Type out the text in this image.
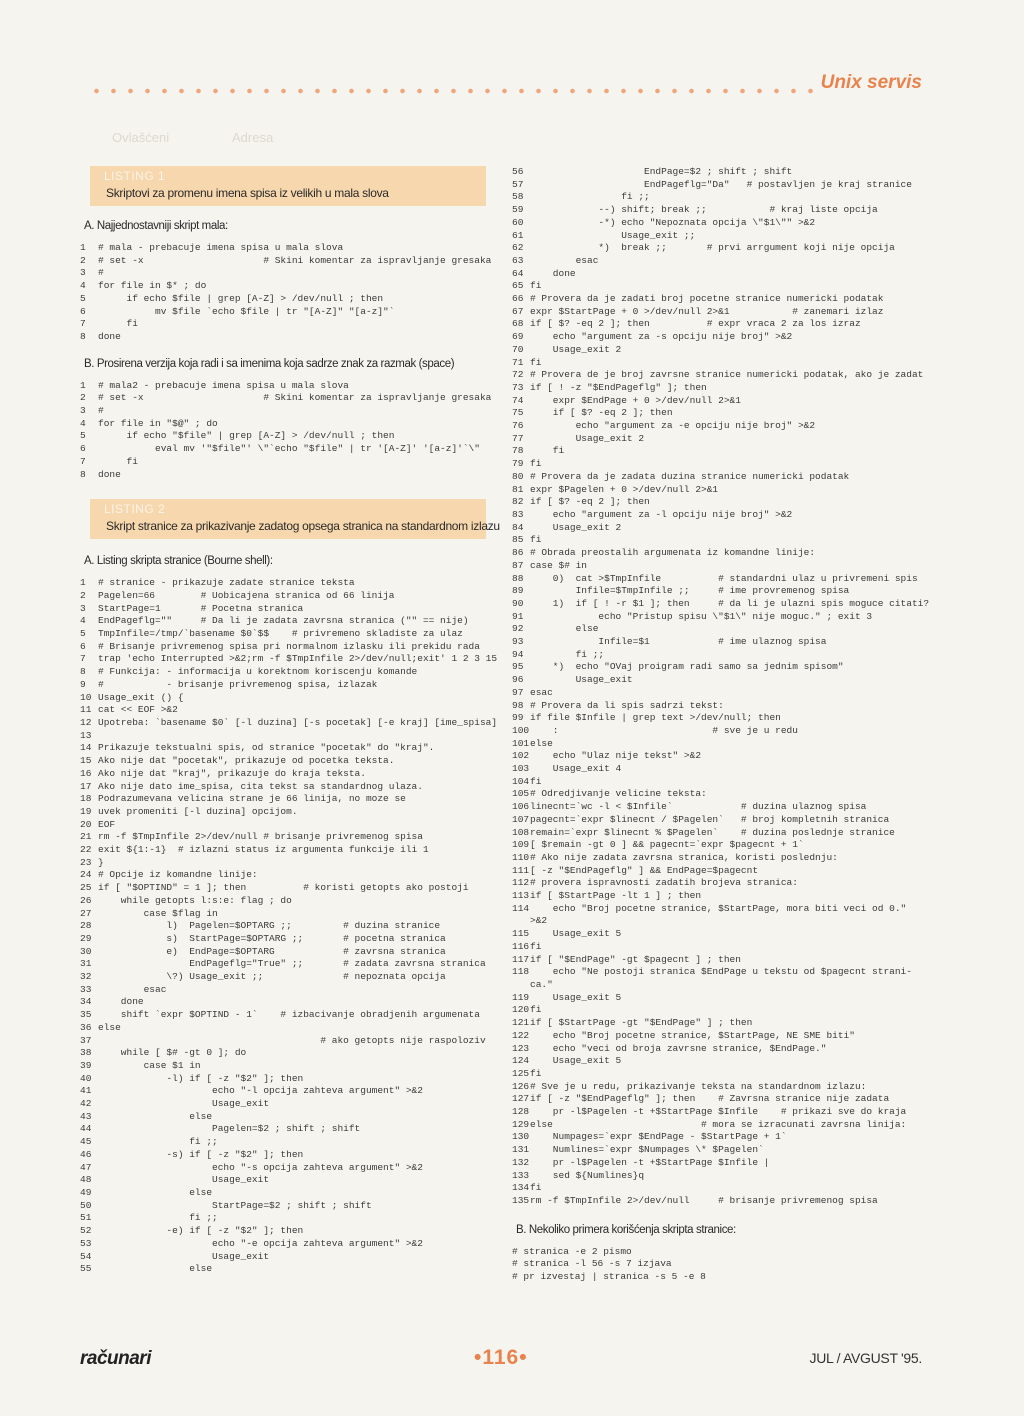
Unix servis
Ovlašćeni	Adresa
LISTING 1
Skriptovi za promenu imena spisa iz velikih u mala slova
A. Najjednostavniji skript mala:
1 # mala - prebacuje imena spisa u mala slova
2 # set -x                     # Skini komentar za ispravljanje gresaka
3 #
4 for file in $* ; do
5     if echo $file | grep [A-Z] > /dev/null ; then
6          mv $file `echo $file | tr "[A-Z]" "[a-z]"`
7     fi
8 done
B. Prosirena verzija koja radi i sa imenima koja sadrze znak za razmak (space)
1 # mala2 - prebacuje imena spisa u mala slova
2 # set -x                     # Skini komentar za ispravljanje gresaka
3 #
4 for file in "$@" ; do
5     if echo "$file" | grep [A-Z] > /dev/null ; then
6          eval mv '"$file"' \"`echo "$file" | tr '[A-Z]' '[a-z]'`\"
7     fi
8 done
LISTING 2
Skript stranice za prikazivanje zadatog opsega stranica na standardnom izlazu
A. Listing skripta stranice (Bourne shell):
1 # stranice - prikazuje zadate stranice teksta
2 Pagelen=66        # Uobicajena stranica od 66 linija
3 StartPage=1       # Pocetna stranica
4 EndPageflg=""     # Da li je zadata zavrsna stranica ("" == nije)
5 TmpInfile=/tmp/`basename $0`$$    # privremeno skladiste za ulaz
6 # Brisanje privremenog spisa pri normalnom izlasku ili prekidu rada
7 trap 'echo Interrupted >&2;rm -f $TmpInfile 2>/dev/null;exit' 1 2 3 15
8 # Funkcija: - informacija u korektnom koriscenju komande
9 #           - brisanje privremenog spisa, izlazak
10 Usage_exit () {
11 cat << EOF >&2
12 Upotreba: `basename $0` [-l duzina] [-s pocetak] [-e kraj] [ime_spisa]
13
14 Prikazuje tekstualni spis, od stranice "pocetak" do "kraj".
15 Ako nije dat "pocetak", prikazuje od pocetka teksta.
16 Ako nije dat "kraj", prikazuje do kraja teksta.
17 Ako nije dato ime_spisa, cita tekst sa standardnog ulaza.
18 Podrazumevana velicina strane je 66 linija, no moze se
19 uvek promeniti [-l duzina] opcijom.
20 EOF
21 rm -f $TmpInfile 2>/dev/null # brisanje privremenog spisa
22 exit ${1:-1}  # izlazni status iz argumenta funkcije ili 1
23 }
24 # Opcije iz komandne linije:
25 if [ "$OPTIND" = 1 ]; then          # koristi getopts ako postoji
26    while getopts l:s:e: flag ; do
27        case $flag in
28            l)  Pagelen=$OPTARG ;;         # duzina stranice
29            s)  StartPage=$OPTARG ;;       # pocetna stranica
30            e)  EndPage=$OPTARG            # zavrsna stranica
31                EndPageflg="True" ;;       # zadata zavrsna stranica
32            \?) Usage_exit ;;              # nepoznata opcija
33        esac
34    done
35    shift `expr $OPTIND - 1`    # izbacivanje obradjenih argumenata
36 else
37                                       # ako getopts nije raspoloziv
38    while [ $# -gt 0 ]; do
39        case $1 in
40            -l) if [ -z "$2" ]; then
41                    echo "-l opcija zahteva argument" >&2
42                    Usage_exit
43                else
44                    Pagelen=$2 ; shift ; shift
45                fi ;;
46            -s) if [ -z "$2" ]; then
47                    echo "-s opcija zahteva argument" >&2
48                    Usage_exit
49                else
50                    StartPage=$2 ; shift ; shift
51                fi ;;
52            -e) if [ -z "$2" ]; then
53                    echo "-e opcija zahteva argument" >&2
54                    Usage_exit
55                else
56                    EndPage=$2 ; shift ; shift
57                    EndPageflg="Da"   # postavljen je kraj stranice
58                fi ;;
59            --) shift; break ;;           # kraj liste opcija
60            -*) echo "Nepoznata opcija \"$1\"" >&2
61                Usage_exit ;;
62            *)  break ;;       # prvi arrgument koji nije opcija
63        esac
64    done
65 fi
66 # Provera da je zadati broj pocetne stranice numericki podatak
67 expr $StartPage + 0 >/dev/null 2>&1           # zanemari izlaz
68 if [ $? -eq 2 ]; then          # expr vraca 2 za los izraz
69    echo "argument za -s opciju nije broj" >&2
70    Usage_exit 2
71 fi
72 # Provera de je broj zavrsne stranice numericki podatak, ako je zadat
73 if [ ! -z "$EndPageflg" ]; then
74    expr $EndPage + 0 >/dev/null 2>&1
75    if [ $? -eq 2 ]; then
76        echo "argument za -e opciju nije broj" >&2
77        Usage_exit 2
78    fi
79 fi
80 # Provera da je zadata duzina stranice numericki podatak
81 expr $Pagelen + 0 >/dev/null 2>&1
82 if [ $? -eq 2 ]; then
83    echo "argument za -l opciju nije broj" >&2
84    Usage_exit 2
85 fi
86 # Obrada preostalih argumenata iz komandne linije:
87 case $# in
88    0)  cat >$TmpInfile          # standardni ulaz u privremeni spis
89        Infile=$TmpInfile ;;     # ime provremenog spisa
90    1)  if [ ! -r $1 ]; then     # da li je ulazni spis moguce citati?
91            echo "Pristup spisu \"$1\" nije moguc." ; exit 3
92        else
93            Infile=$1            # ime ulaznog spisa
94        fi ;;
95    *)  echo "OVaj proigram radi samo sa jednim spisom"
96        Usage_exit
97 esac
98 # Provera da li spis sadrzi tekst:
99 if file $Infile | grep text >/dev/null; then
100    :                           # sve je u redu
101else
102    echo "Ulaz nije tekst" >&2
103    Usage_exit 4
104fi
105# Odredjivanje velicine teksta:
106linecnt=`wc -l < $Infile`            # duzina ulaznog spisa
107pagecnt=`expr $linecnt / $Pagelen`   # broj kompletnih stranica
108remain=`expr $linecnt % $Pagelen`    # duzina poslednje stranice
109[ $remain -gt 0 ] && pagecnt=`expr $pagecnt + 1`
110# Ako nije zadata zavrsna stranica, koristi poslednju:
111[ -z "$EndPageflg" ] && EndPage=$pagecnt
112# provera ispravnosti zadatih brojeva stranica:
113if [ $StartPage -lt 1 ] ; then
114    echo "Broj pocetne stranice, $StartPage, mora biti veci od 0."
>&2
115    Usage_exit 5
116fi
117if [ "$EndPage" -gt $pagecnt ] ; then
118    echo "Ne postoji stranica $EndPage u tekstu od $pagecnt strani-
ca."
119    Usage_exit 5
120fi
121if [ $StartPage -gt "$EndPage" ] ; then
122    echo "Broj pocetne stranice, $StartPage, NE SME biti"
123    echo "veci od broja zavrsne stranice, $EndPage."
124    Usage_exit 5
125fi
126# Sve je u redu, prikazivanje teksta na standardnom izlazu:
127if [ -z "$EndPageflg" ]; then    # Zavrsna stranice nije zadata
128    pr -l$Pagelen -t +$StartPage $Infile    # prikazi sve do kraja
129else                          # mora se izracunati zavrsna linija:
130    Numpages=`expr $EndPage - $StartPage + 1`
131    Numlines=`expr $Numpages \* $Pagelen`
132    pr -l$Pagelen -t +$StartPage $Infile |
133    sed ${Numlines}q
134fi
135rm -f $TmpInfile 2>/dev/null     # brisanje privremenog spisa
B. Nekoliko primera korišćenja skripta stranice:
# stranica -e 2 pismo
# stranica -l 56 -s 7 izjava
# pr izvestaj | stranica -s 5 -e 8
računari	•116•	JUL / AVGUST '95.
